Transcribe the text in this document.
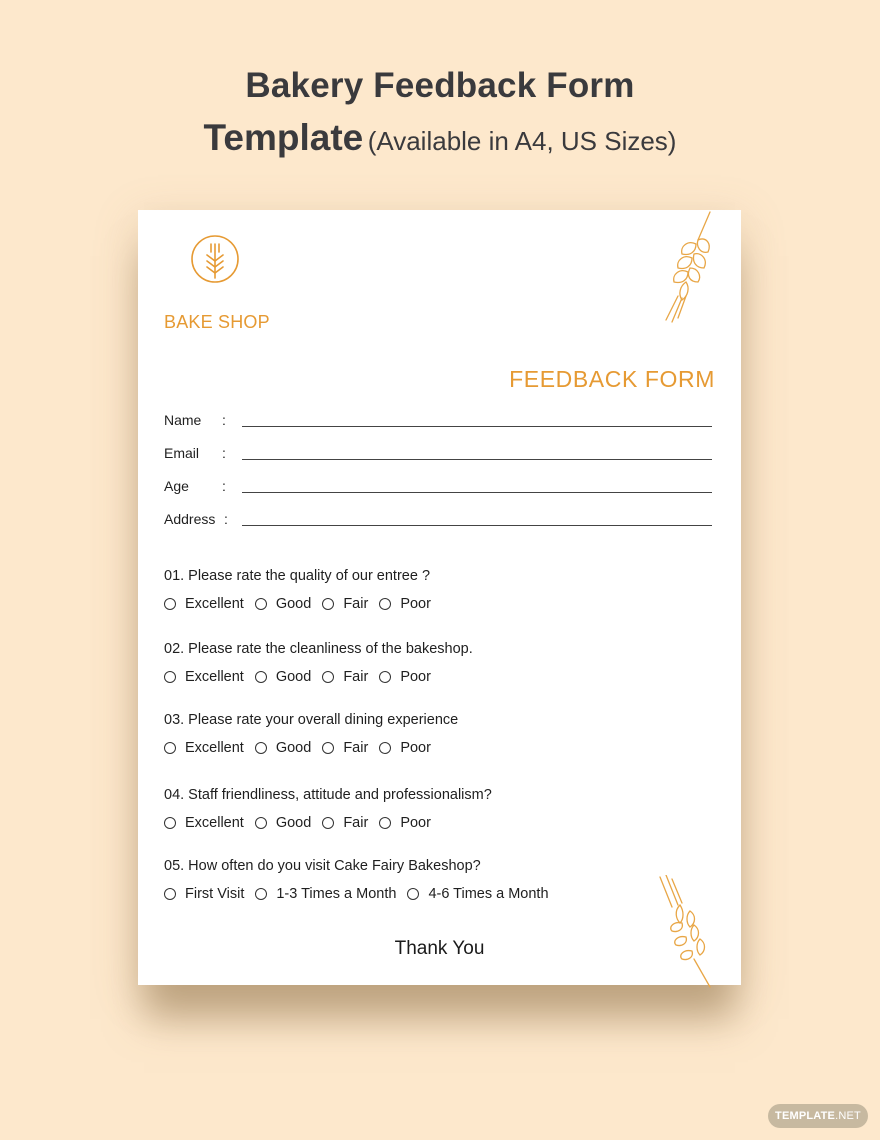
Bakery Feedback Form
Template (Available in A4, US Sizes)
BAKE SHOP
FEEDBACK FORM
Name :
Email :
Age :
Address :
01. Please rate the quality of our entree ?
Excellent Good Fair Poor
02. Please rate the cleanliness of the bakeshop.
Excellent Good Fair Poor
03. Please rate your overall dining experience
Excellent Good Fair Poor
04. Staff friendliness, attitude and professionalism?
Excellent Good Fair Poor
05. How often do you visit Cake Fairy Bakeshop?
First Visit 1-3 Times a Month 4-6 Times a Month
Thank You
TEMPLATE .NET
